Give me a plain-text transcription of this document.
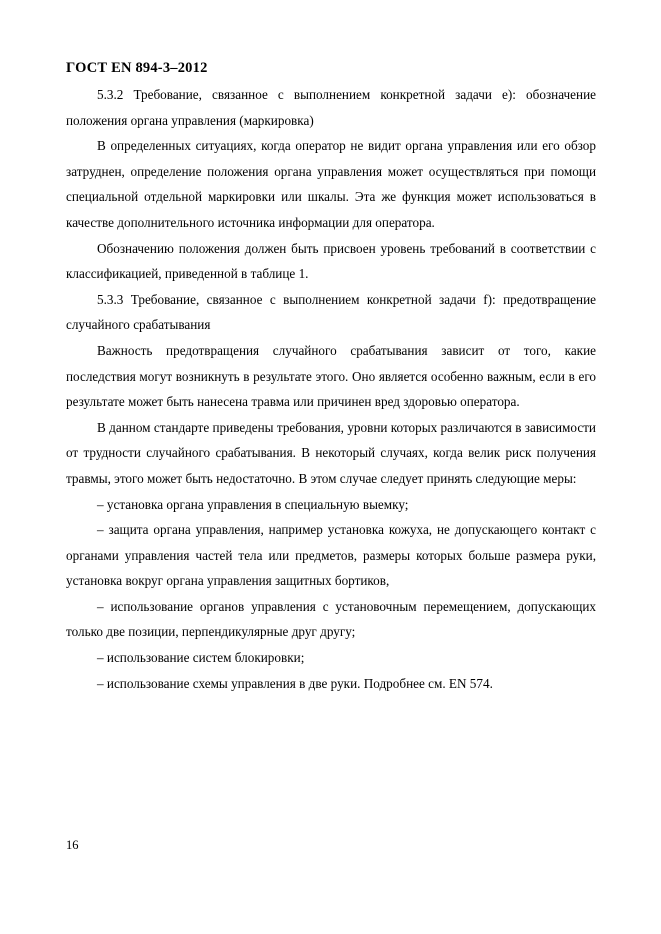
ГОСТ EN 894-3–2012

5.3.2 Требование, связанное с выполнением конкретной задачи e): обозначение положения органа управления (маркировка)

В определенных ситуациях, когда оператор не видит органа управления или его обзор затруднен, определение положения органа управления может осуществляться при помощи специальной отдельной маркировки или шкалы. Эта же функция может использоваться в качестве дополнительного источника информации для оператора.

Обозначению положения должен быть присвоен уровень требований в соответствии с классификацией, приведенной в таблице 1.

5.3.3 Требование, связанное с выполнением конкретной задачи f): предотвращение случайного срабатывания

Важность предотвращения случайного срабатывания зависит от того, какие последствия могут возникнуть в результате этого. Оно является особенно важным, если в его результате может быть нанесена травма или причинен вред здоровью оператора.

В данном стандарте приведены требования, уровни которых различаются в зависимости от трудности случайного срабатывания. В некоторый случаях, когда велик риск получения травмы, этого может быть недостаточно. В этом случае следует принять следующие меры:

– установка органа управления в специальную выемку;

– защита органа управления, например установка кожуха, не допускающего контакт с органами управления частей тела или предметов, размеры которых больше размера руки, установка вокруг органа управления защитных бортиков,

– использование органов управления с установочным перемещением, допускающих только две позиции, перпендикулярные друг другу;

– использование систем блокировки;

– использование схемы управления в две руки. Подробнее см. EN 574.

16
